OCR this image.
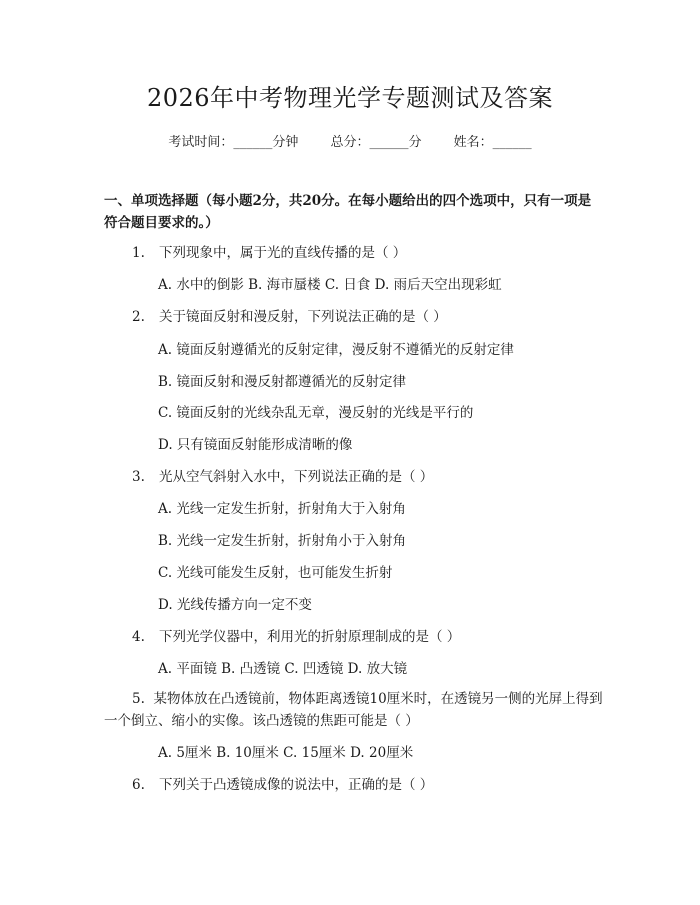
2026年中考物理光学专题测试及答案
考试时间：______分钟 总分：______分 姓名：______
一、单项选择题（每小题2分，共20分。在每小题给出的四个选项中，只有一项是符合题目要求的。）
1. 下列现象中，属于光的直线传播的是（ ）
A. 水中的倒影 B. 海市蜃楼 C. 日食 D. 雨后天空出现彩虹
2. 关于镜面反射和漫反射，下列说法正确的是（ ）
A. 镜面反射遵循光的反射定律，漫反射不遵循光的反射定律
B. 镜面反射和漫反射都遵循光的反射定律
C. 镜面反射的光线杂乱无章，漫反射的光线是平行的
D. 只有镜面反射能形成清晰的像
3. 光从空气斜射入水中，下列说法正确的是（ ）
A. 光线一定发生折射，折射角大于入射角
B. 光线一定发生折射，折射角小于入射角
C. 光线可能发生反射，也可能发生折射
D. 光线传播方向一定不变
4. 下列光学仪器中，利用光的折射原理制成的是（ ）
A. 平面镜 B. 凸透镜 C. 凹透镜 D. 放大镜
5. 某物体放在凸透镜前，物体距离透镜10厘米时，在透镜另一侧的光屏上得到一个倒立、缩小的实像。该凸透镜的焦距可能是（ ）
A. 5厘米 B. 10厘米 C. 15厘米 D. 20厘米
6. 下列关于凸透镜成像的说法中，正确的是（ ）
